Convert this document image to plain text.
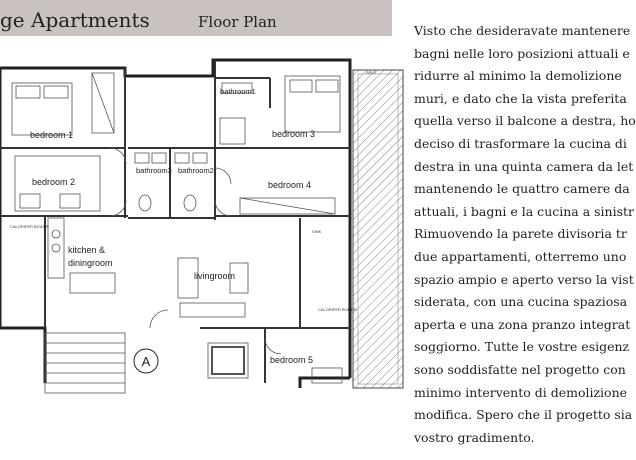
ge Apartments	Floor Plan
bedroom 1
bedroom 2
bedroom 3
bedroom 4
bedroom 5
bathroom1
bathroom2
bathroom3
kitchen &
diningroom
livingroom
CALORIFER BOILER
CALORIFER BOILER
SINK
SPLIT
A
Visto che desideravate mantenere
bagni nelle loro posizioni attuali e
ridurre al minimo la demolizione
muri, e dato che la vista preferita
quella verso il balcone a destra, ho
deciso di trasformare la cucina di
destra in una quinta camera da let
mantenendo le quattro camere da
attuali, i bagni e la cucina a sinistr
Rimuovendo la parete divisoria tr
due appartamenti, otterremo uno
spazio ampio e aperto verso la vist
siderata, con una cucina spaziosa
aperta e una zona pranzo integrat
soggiorno. Tutte le vostre esigenz
sono soddisfatte nel progetto con
minimo intervento di demolizione
modifica. Spero che il progetto sia
vostro gradimento.
